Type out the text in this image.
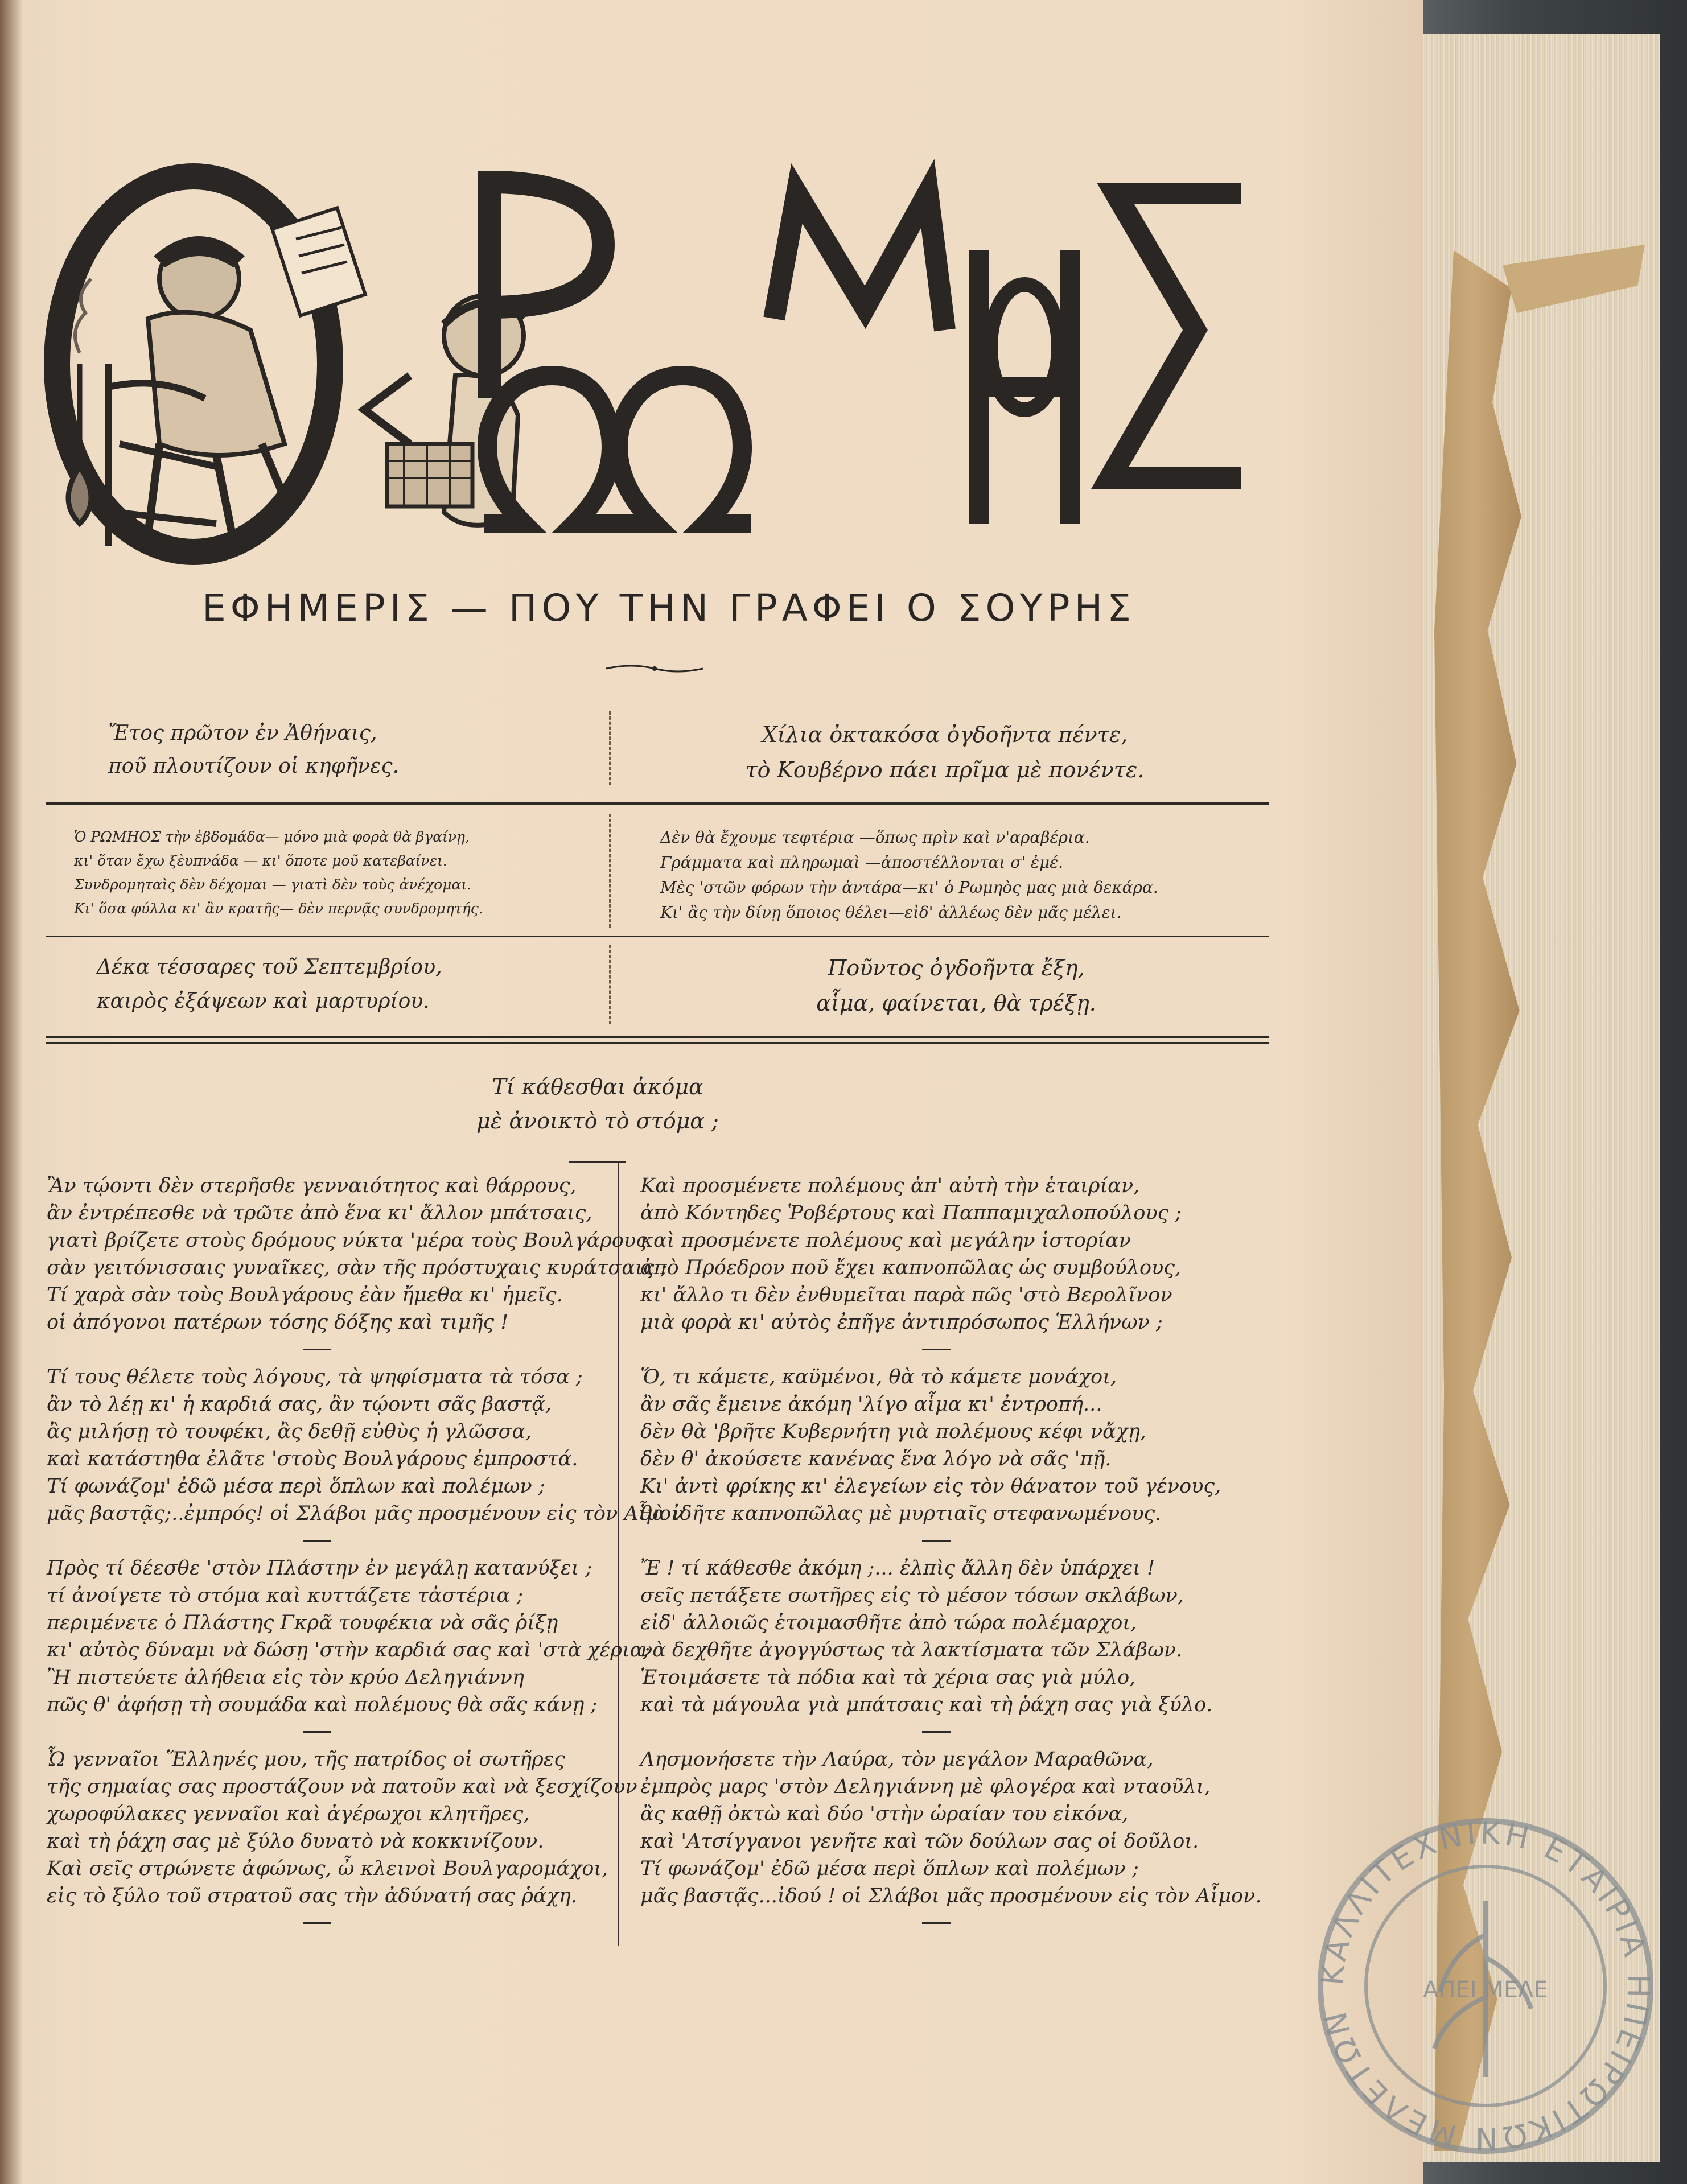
Ο ΡΩΜΗΟΣ
ΕΦΗΜΕΡΙΣ — ΠΟΥ ΤΗΝ ΓΡΑΦΕΙ Ο ΣΟΥΡΗΣ
Ἔτος πρῶτον ἐν Ἀθήναις,
ποῦ πλουτίζουν οἱ κηφῆνες.
Χίλια ὀκτακόσα ὀγδοῆντα πέντε,
τὸ Κουβέρνο πάει πρῖμα μὲ πονέντε.
Ὁ ΡΩΜΗΟΣ τὴν ἑβδομάδα— μόνο μιὰ φορὰ θὰ βγαίνῃ,
κι' ὅταν ἔχω ξὲυπνάδα — κι' ὅποτε μοῦ κατεβαίνει.
Συνδρομηταὶς δὲν δέχομαι — γιατὶ δὲν τοὺς ἀνέχομαι.
Κι' ὅσα φύλλα κι' ἂν κρατῆς— δὲν περνᾷς συνδρομητής.
Δὲν θὰ ἔχουμε τεφτέρια —ὅπως πρὶν καὶ ν'αραβέρια.
Γράμματα καὶ πληρωμαὶ —ἀποστέλλονται σ' ἐμέ.
Μὲς 'στῶν φόρων τὴν ἀντάρα—κι' ὁ Ρωμηὸς μας μιὰ δεκάρα.
Κι' ἂς τὴν δίνῃ ὅποιος θέλει—εἰδ' ἀλλέως δὲν μᾶς μέλει.
Δέκα τέσσαρες τοῦ Σεπτεμβρίου,
καιρὸς ἐξάψεων καὶ μαρτυρίου.
Ποῦντος ὀγδοῆντα ἔξη,
αἷμα, φαίνεται, θὰ τρέξῃ.
Τί κάθεσθαι ἀκόμα
μὲ ἀνοικτὸ τὸ στόμα ;
Ἂν τῴοντι δὲν στερῆσθε γενναιότητος καὶ θάρρους,
ἂν ἐντρέπεσθε νὰ τρῶτε ἀπὸ ἕνα κι' ἄλλον μπάτσαις,
γιατὶ βρίζετε στοὺς δρόμους νύκτα 'μέρα τοὺς Βουλγάρους
σὰν γειτόνισσαις γυναῖκες, σὰν τῆς πρόστυχαις κυράτσαις ;
Τί χαρὰ σὰν τοὺς Βουλγάρους ἐὰν ἤμεθα κι' ἡμεῖς.
οἱ ἀπόγονοι πατέρων τόσης δόξης καὶ τιμῆς !
Τί τους θέλετε τοὺς λόγους, τὰ ψηφίσματα τὰ τόσα ;
ἂν τὸ λέῃ κι' ἡ καρδιά σας, ἂν τῴοντι σᾶς βαστᾷ,
ἂς μιλήσῃ τὸ τουφέκι, ἂς δεθῇ εὐθὺς ἡ γλῶσσα,
καὶ κατάστηθα ἐλᾶτε 'στοὺς Βουλγάρους ἐμπροστά.
Τί φωνάζομ' ἐδῶ μέσα περὶ ὅπλων καὶ πολέμων ;
μᾶς βαστᾷς;..ἐμπρός! οἱ Σλάβοι μᾶς προσμένουν εἰς τὸν Αἷμον
Πρὸς τί δέεσθε 'στὸν Πλάστην ἐν μεγάλῃ κατανύξει ;
τί ἀνοίγετε τὸ στόμα καὶ κυττάζετε τἀστέρια ;
περιμένετε ὁ Πλάστης Γκρᾶ τουφέκια νὰ σᾶς ῥίξῃ
κι' αὐτὸς δύναμι νὰ δώσῃ 'στὴν καρδιά σας καὶ 'στὰ χέρια;
Ἢ πιστεύετε ἀλήθεια εἰς τὸν κρύο Δεληγιάννη
πῶς θ' ἀφήσῃ τὴ σουμάδα καὶ πολέμους θὰ σᾶς κάνῃ ;
Ὦ γενναῖοι Ἕλληνές μου, τῆς πατρίδος οἱ σωτῆρες
τῆς σημαίας σας προστάζουν νὰ πατοῦν καὶ νὰ ξεσχίζουν
χωροφύλακες γενναῖοι καὶ ἀγέρωχοι κλητῆρες,
καὶ τὴ ῥάχη σας μὲ ξύλο δυνατὸ νὰ κοκκινίζουν.
Καὶ σεῖς στρώνετε ἀφώνως, ὦ κλεινοὶ Βουλγαρομάχοι,
εἰς τὸ ξύλο τοῦ στρατοῦ σας τὴν ἀδύνατή σας ῥάχη.
Καὶ προσμένετε πολέμους ἀπ' αὐτὴ τὴν ἑταιρίαν,
ἀπὸ Κόντηδες Ῥοβέρτους καὶ Παππαμιχαλοπούλους ;
καὶ προσμένετε πολέμους καὶ μεγάλην ἱστορίαν
ἀπὸ Πρόεδρον ποῦ ἔχει καπνοπῶλας ὡς συμβούλους,
κι' ἄλλο τι δὲν ἐνθυμεῖται παρὰ πῶς 'στὸ Βερολῖνον
μιὰ φορὰ κι' αὐτὸς ἐπῆγε ἀντιπρόσωπος Ἑλλήνων ;
Ὅ, τι κάμετε, καϋμένοι, θὰ τὸ κάμετε μονάχοι,
ἂν σᾶς ἔμεινε ἀκόμη 'λίγο αἷμα κι' ἐντροπή...
δὲν θὰ 'βρῆτε Κυβερνήτη γιὰ πολέμους κέφι νἄχῃ,
δὲν θ' ἀκούσετε κανένας ἕνα λόγο νὰ σᾶς 'πῇ.
Κι' ἀντὶ φρίκης κι' ἐλεγείων εἰς τὸν θάνατον τοῦ γένους,
θὰ ἰδῆτε καπνοπῶλας μὲ μυρτιαῖς στεφανωμένους.
Ἔ ! τί κάθεσθε ἀκόμη ;... ἐλπὶς ἄλλη δὲν ὑπάρχει !
σεῖς πετάξετε σωτῆρες εἰς τὸ μέσον τόσων σκλάβων,
εἰδ' ἀλλοιῶς ἑτοιμασθῆτε ἀπὸ τώρα πολέμαρχοι,
νὰ δεχθῆτε ἀγογγύστως τὰ λακτίσματα τῶν Σλάβων.
Ἑτοιμάσετε τὰ πόδια καὶ τὰ χέρια σας γιὰ μύλο,
καὶ τὰ μάγουλα γιὰ μπάτσαις καὶ τὴ ῥάχη σας γιὰ ξύλο.
Λησμονήσετε τὴν Λαύρα, τὸν μεγάλον Μαραθῶνα,
ἐμπρὸς μαρς 'στὸν Δεληγιάννη μὲ φλογέρα καὶ νταοῦλι,
ἂς καθῇ ὀκτὼ καὶ δύο 'στὴν ὡραίαν του εἰκόνα,
καὶ 'Ατσίγγανοι γενῆτε καὶ τῶν δούλων σας οἱ δοῦλοι.
Τί φωνάζομ' ἐδῶ μέσα περὶ ὅπλων καὶ πολέμων ;
μᾶς βαστᾷς...ἰδού ! οἱ Σλάβοι μᾶς προσμένουν εἰς τὸν Αἷμον.
ΚΑΛΛΙΤΕΧΝΙΚΗ ΕΤΑΙΡΙΑ ΗΠΕΙΡΩΤΙΚΩΝ ΜΕΛΕΤΩΝ
ΑΠΕΙ ΜΕΛΕ
